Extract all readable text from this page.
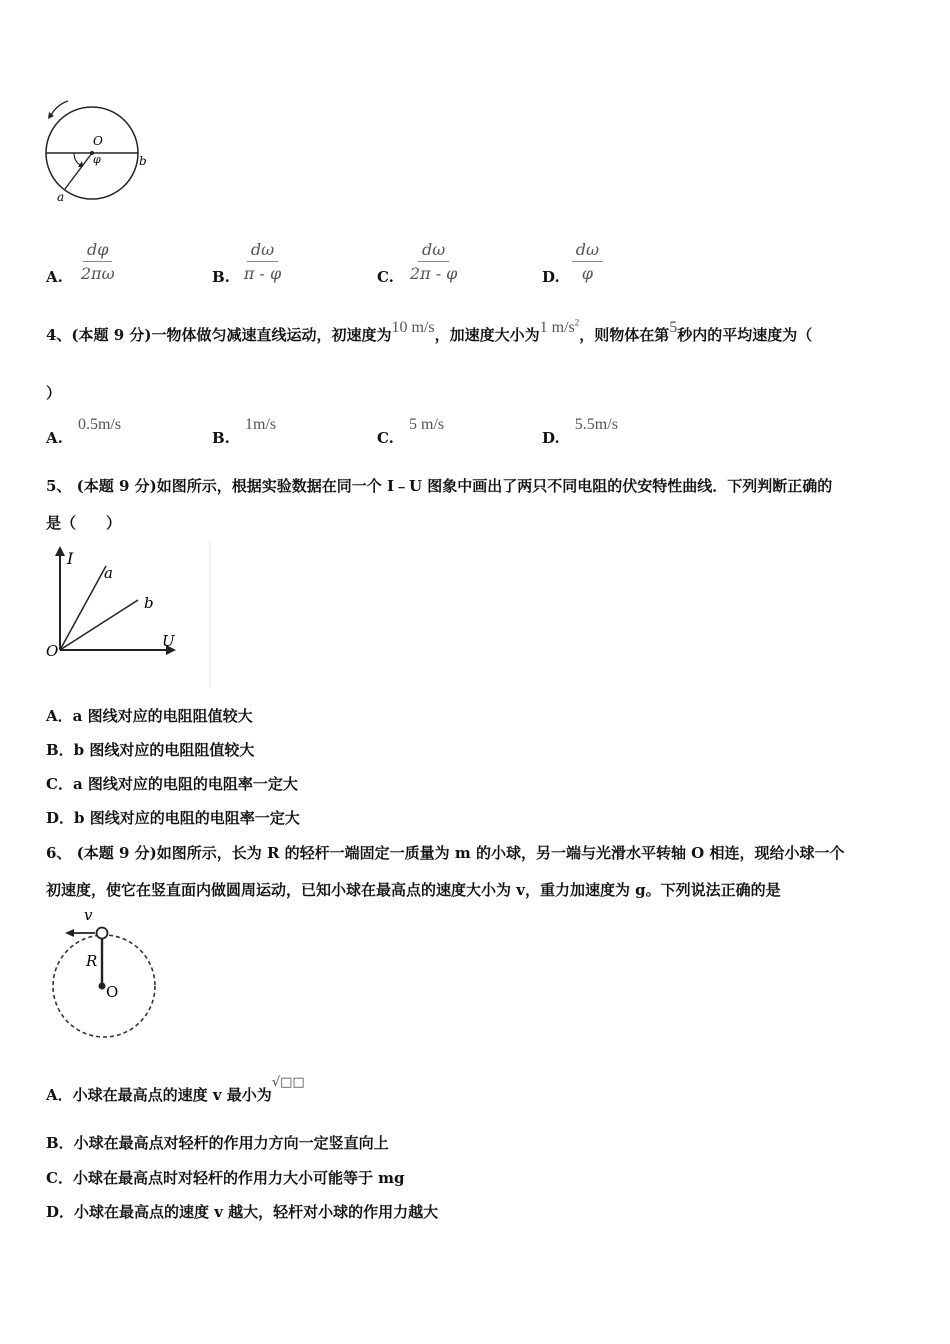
O
φ	b
a
A. $\frac{d\varphi}{2\pi\omega}$	B. $\frac{d\omega}{\pi - \varphi}$	C. $\frac{d\omega}{2\pi - \varphi}$	D. $\frac{d\omega}{\varphi}$
4、(本题 9 分)一物体做匀减速直线运动，初速度为10 m/s，加速度大小为1 $m/s^2$，则物体在第5秒内的平均速度为（
）
A. 0.5m/s
B. 1m/s
C. 5 m/s
D. 5.5m/s
5、 (本题 9 分)如图所示，根据实验数据在同一个 I﹣U 图象中画出了两只不同电阻的伏安特性曲线．下列判断正确的
是（　　）
I
a
b
U
O
A．a 图线对应的电阻阻值较大
B．b 图线对应的电阻阻值较大
C．a 图线对应的电阻的电阻率一定大
D．b 图线对应的电阻的电阻率一定大
6、 (本题 9 分)如图所示，长为 R 的轻杆一端固定一质量为 m 的小球，另一端与光滑水平转轴 O 相连，现给小球一个
初速度，使它在竖直面内做圆周运动，已知小球在最高点的速度大小为 v，重力加速度为 g。下列说法正确的是
v
R
O
A．小球在最高点的速度 v 最小为√□□
B．小球在最高点对轻杆的作用力方向一定竖直向上
C．小球在最高点时对轻杆的作用力大小可能等于 mg
D．小球在最高点的速度 v 越大，轻杆对小球的作用力越大
